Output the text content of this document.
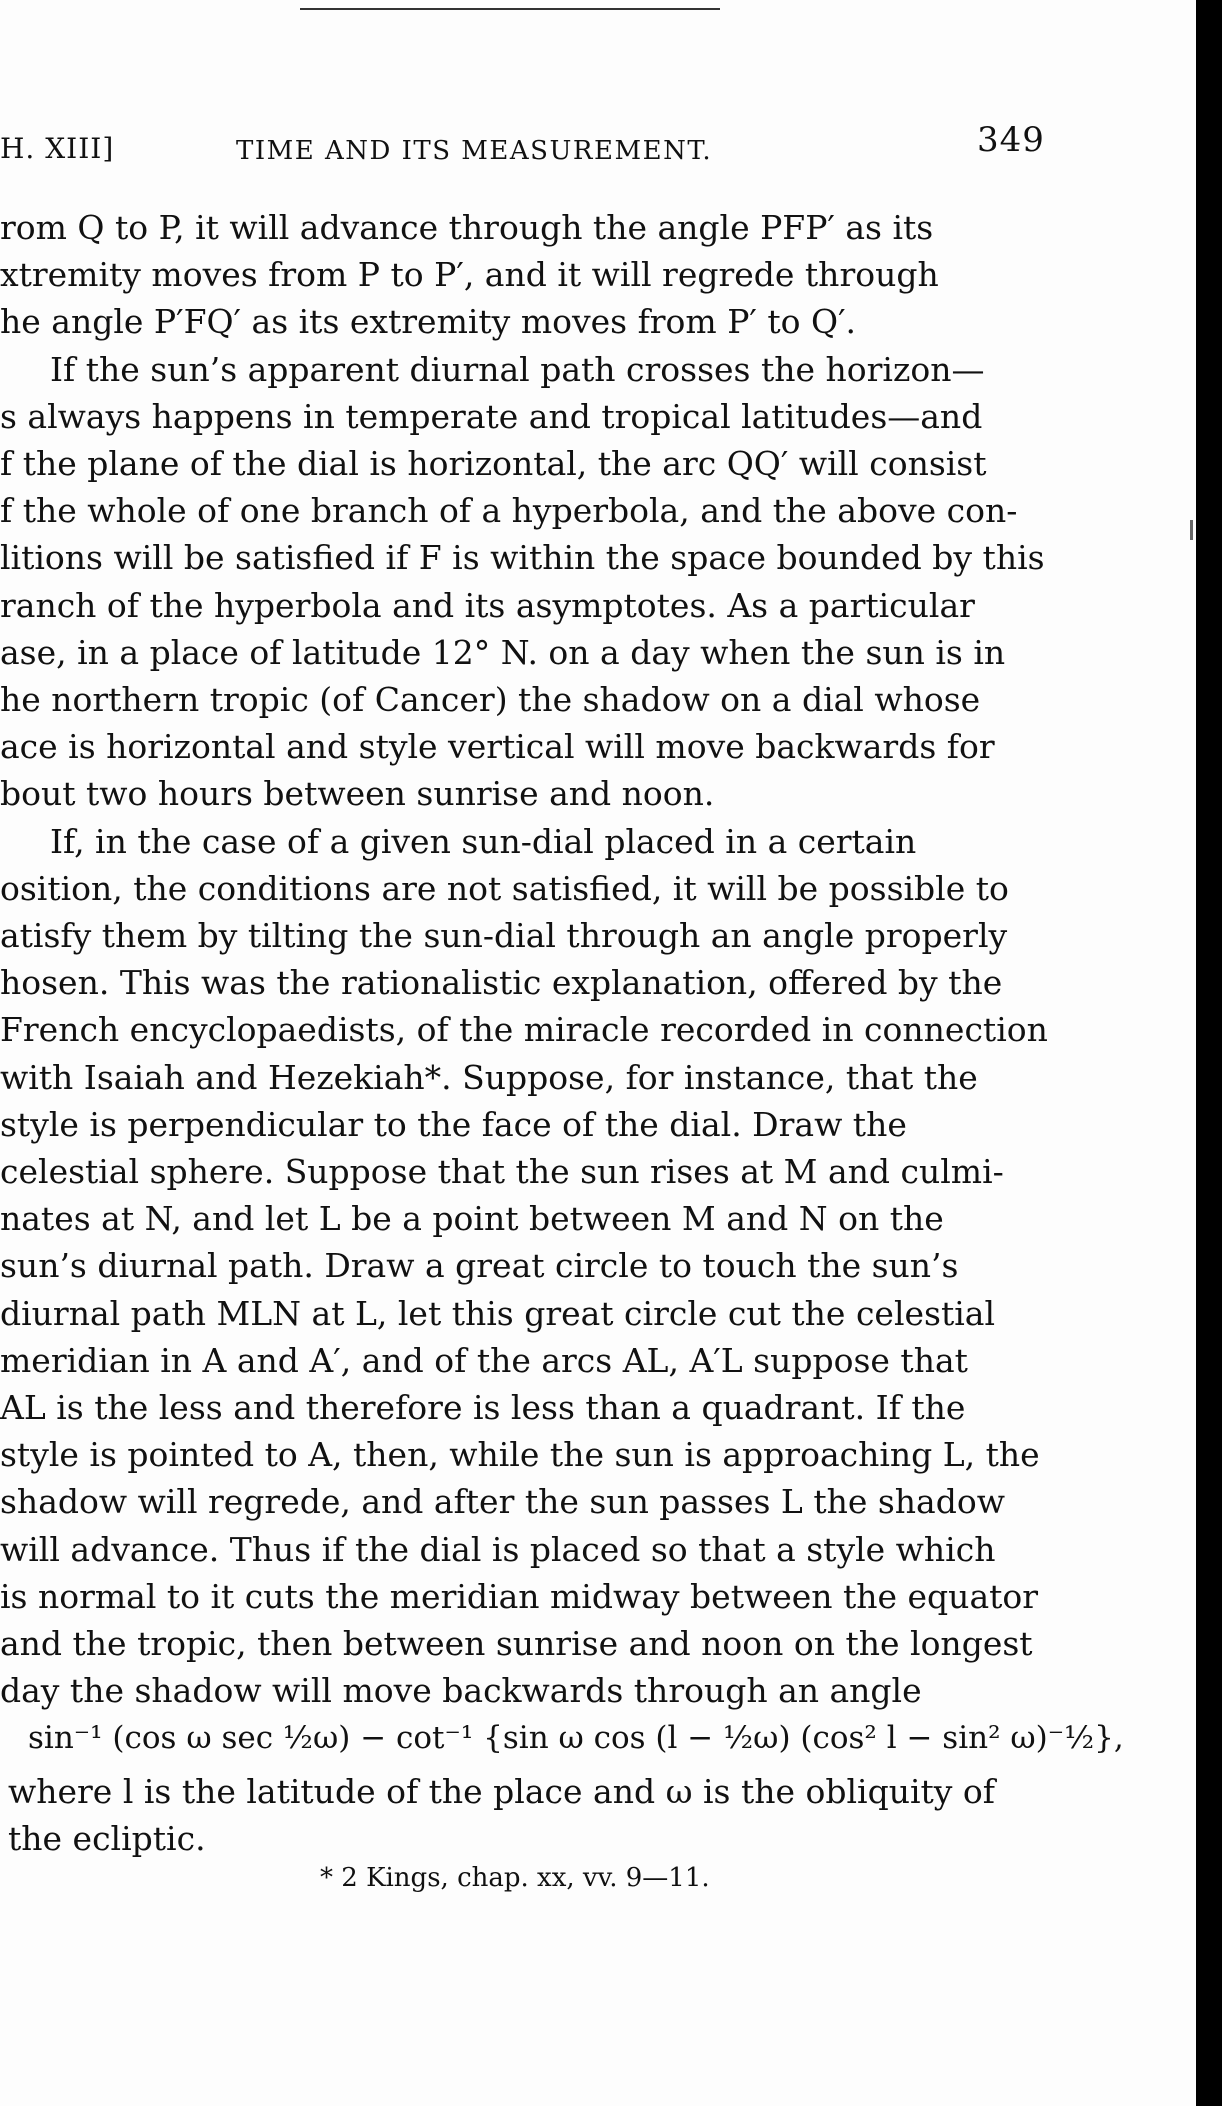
H. XIII]	TIME AND ITS MEASUREMENT.	349
rom Q to P, it will advance through the angle PFP′ as its
xtremity moves from P to P′, and it will regrede through
he angle P′FQ′ as its extremity moves from P′ to Q′.
If the sun’s apparent diurnal path crosses the horizon—
s always happens in temperate and tropical latitudes—and
f the plane of the dial is horizontal, the arc QQ′ will consist
f the whole of one branch of a hyperbola, and the above con-
litions will be satisfied if F is within the space bounded by this
ranch of the hyperbola and its asymptotes. As a particular
ase, in a place of latitude 12° N. on a day when the sun is in
he northern tropic (of Cancer) the shadow on a dial whose
ace is horizontal and style vertical will move backwards for
bout two hours between sunrise and noon.
If, in the case of a given sun-dial placed in a certain
osition, the conditions are not satisfied, it will be possible to
atisfy them by tilting the sun-dial through an angle properly
hosen. This was the rationalistic explanation, offered by the
French encyclopaedists, of the miracle recorded in connection
with Isaiah and Hezekiah*. Suppose, for instance, that the
style is perpendicular to the face of the dial. Draw the
celestial sphere. Suppose that the sun rises at M and culmi-
nates at N, and let L be a point between M and N on the
sun’s diurnal path. Draw a great circle to touch the sun’s
diurnal path MLN at L, let this great circle cut the celestial
meridian in A and A′, and of the arcs AL, A′L suppose that
AL is the less and therefore is less than a quadrant. If the
style is pointed to A, then, while the sun is approaching L, the
shadow will regrede, and after the sun passes L the shadow
will advance. Thus if the dial is placed so that a style which
is normal to it cuts the meridian midway between the equator
and the tropic, then between sunrise and noon on the longest
day the shadow will move backwards through an angle
sin⁻¹ (cos ω sec ½ω) − cot⁻¹ {sin ω cos (l − ½ω) (cos² l − sin² ω)⁻½},
where l is the latitude of the place and ω is the obliquity of
the ecliptic.
* 2 Kings, chap. xx, vv. 9—11.
